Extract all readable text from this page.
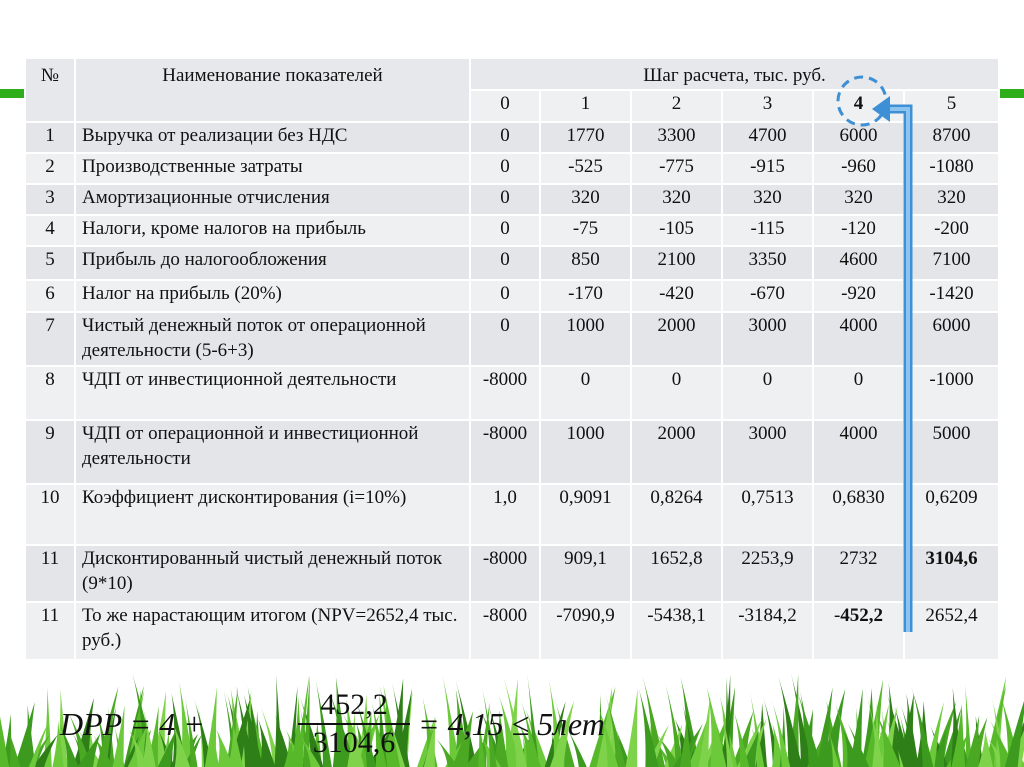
№	Наименование показателей	Шаг расчета, тыс. руб.					
		0	1	2	3	4	5
1	Выручка от реализации без НДС	0	1770	3300	4700	6000	8700
2	Производственные затраты	0	-525	-775	-915	-960	-1080
3	Амортизационные отчисления	0	320	320	320	320	320
4	Налоги, кроме налогов на прибыль	0	-75	-105	-115	-120	-200
5	Прибыль до налогообложения	0	850	2100	3350	4600	7100
6	Налог на прибыль (20%)	0	-170	-420	-670	-920	-1420
7	Чистый денежный поток от операционной деятельности (5-6+3)	0	1000	2000	3000	4000	6000
8	ЧДП от инвестиционной деятельности	-8000	0	0	0	0	-1000
9	ЧДП от операционной и инвестиционной деятельности	-8000	1000	2000	3000	4000	5000
10	Коэффициент дисконтирования (i=10%)	1,0	0,9091	0,8264	0,7513	0,6830	0,6209
11	Дисконтированный чистый денежный поток (9*10)	-8000	909,1	1652,8	2253,9	2732	3104,6
11	То же нарастающим итогом (NPV=2652,4 тыс. руб.)	-8000	-7090,9	-5438,1	-3184,2	-452,2	2652,4
DPP = 4 +
452,2
3104,6
= 4,15 ≤ 5лет
